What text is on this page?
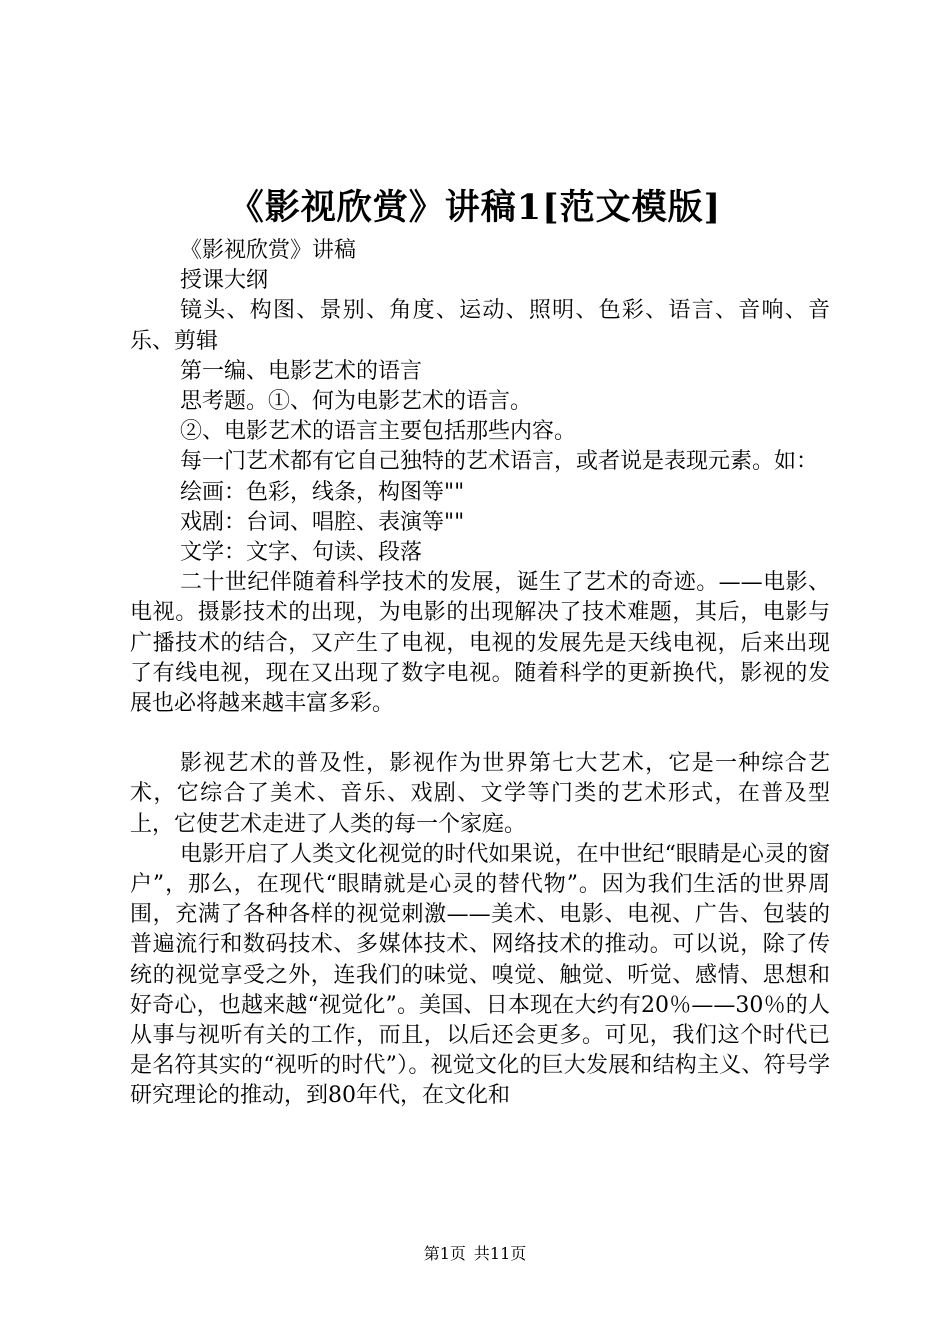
《影视欣赏》讲稿1[范文模版]

《影视欣赏》讲稿

授课大纲

镜头、构图、景别、角度、运动、照明、色彩、语言、音响、音乐、剪辑

第一编、电影艺术的语言

思考题。①、何为电影艺术的语言。

②、电影艺术的语言主要包括那些内容。

每一门艺术都有它自己独特的艺术语言，或者说是表现元素。如：

绘画：色彩，线条，构图等""

戏剧：台词、唱腔、表演等""

文学：文字、句读、段落

二十世纪伴随着科学技术的发展，诞生了艺术的奇迹。——电影、电视。摄影技术的出现，为电影的出现解决了技术难题，其后，电影与广播技术的结合，又产生了电视，电视的发展先是天线电视，后来出现了有线电视，现在又出现了数字电视。随着科学的更新换代，影视的发展也必将越来越丰富多彩。

影视艺术的普及性，影视作为世界第七大艺术，它是一种综合艺术，它综合了美术、音乐、戏剧、文学等门类的艺术形式，在普及型上，它使艺术走进了人类的每一个家庭。

电影开启了人类文化视觉的时代如果说，在中世纪“眼睛是心灵的窗户”，那么，在现代“眼睛就是心灵的替代物”。因为我们生活的世界周围，充满了各种各样的视觉刺激——美术、电影、电视、广告、包装的普遍流行和数码技术、多媒体技术、网络技术的推动。可以说，除了传统的视觉享受之外，连我们的味觉、嗅觉、触觉、听觉、感情、思想和好奇心，也越来越“视觉化”。美国、日本现在大约有20％——30％的人从事与视听有关的工作，而且，以后还会更多。可见，我们这个时代已是名符其实的“视听的时代”）。视觉文化的巨大发展和结构主义、符号学研究理论的推动，到80年代，在文化和

第1页 共11页
